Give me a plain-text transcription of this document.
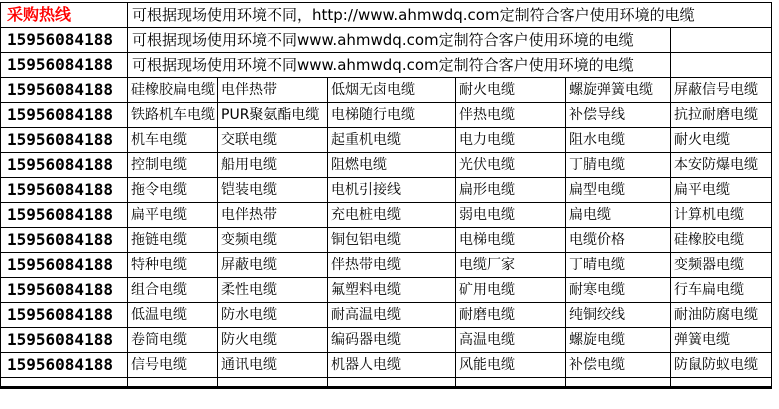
采购热线	可根据现场使用环境不同，http://www.ahmwdq.com定制符合客户使用环境的电缆					
15956084188	可根据现场使用环境不同www.ahmwdq.com定制符合客户使用环境的电缆					
15956084188	可根据现场使用环境不同www.ahmwdq.com定制符合客户使用环境的电缆					
15956084188	硅橡胶扁电缆	电伴热带	低烟无卤电缆	耐火电缆	螺旋弹簧电缆	屏蔽信号电缆
15956084188	铁路机车电缆	PUR聚氨酯电缆	电梯随行电缆	伴热电缆	补偿导线	抗拉耐磨电缆
15956084188	机车电缆	交联电缆	起重机电缆	电力电缆	阻水电缆	耐火电缆
15956084188	控制电缆	船用电缆	阻燃电缆	光伏电缆	丁腈电缆	本安防爆电缆
15956084188	拖令电缆	铠装电缆	电机引接线	扁形电缆	扁型电缆	扁平电缆
15956084188	扁平电缆	电伴热带	充电桩电缆	弱电电缆	扁电缆	计算机电缆
15956084188	拖链电缆	变频电缆	铜包铝电缆	电梯电缆	电缆价格	硅橡胶电缆
15956084188	特种电缆	屏蔽电缆	伴热带电缆	电缆厂家	丁晴电缆	变频器电缆
15956084188	组合电缆	柔性电缆	氟塑料电缆	矿用电缆	耐寒电缆	行车扁电缆
15956084188	低温电缆	防水电缆	耐高温电缆	耐磨电缆	纯铜绞线	耐油防腐电缆
15956084188	卷筒电缆	防火电缆	编码器电缆	高温电缆	螺旋电缆	弹簧电缆
15956084188	信号电缆	通讯电缆	机器人电缆	风能电缆	补偿电缆	防鼠防蚁电缆
